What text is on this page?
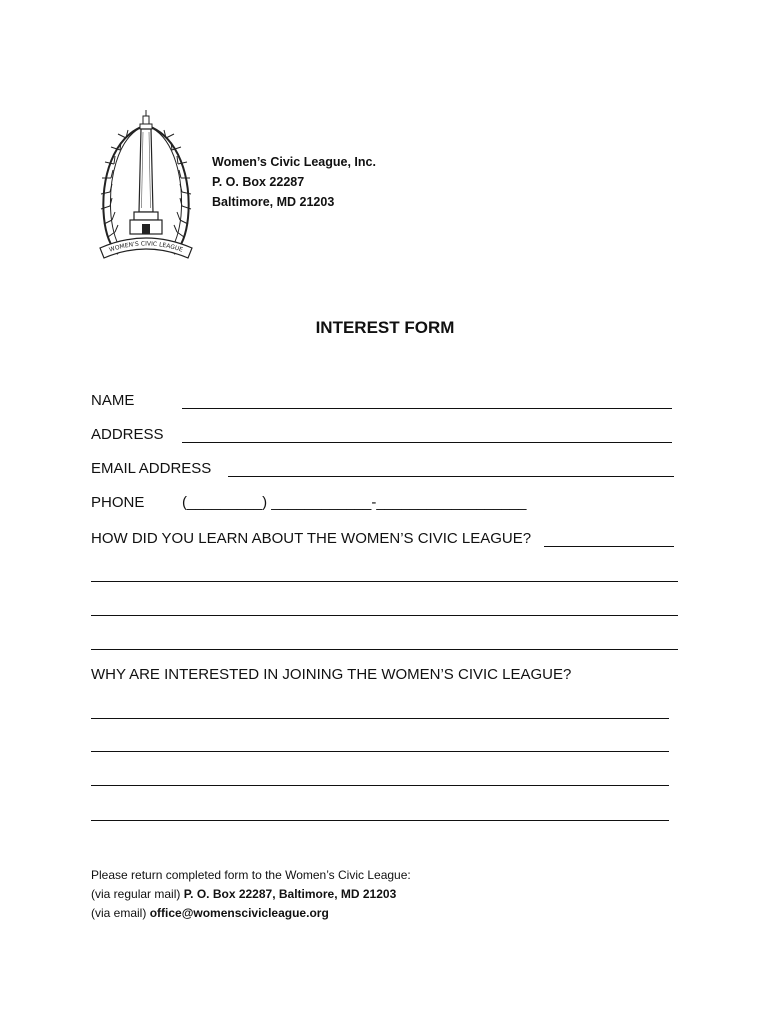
WOMEN’S CIVIC LEAGUE
Women’s Civic League, Inc.
P. O. Box 22287
Baltimore, MD 21203
INTEREST FORM
NAME
ADDRESS
EMAIL ADDRESS
PHONE	(_________) ____________-__________________
HOW DID YOU LEARN ABOUT THE WOMEN’S CIVIC LEAGUE?
WHY ARE INTERESTED IN JOINING THE WOMEN’S CIVIC LEAGUE?
Please return completed form to the Women’s Civic League:
(via regular mail) P. O. Box 22287, Baltimore, MD 21203
(via email) office@womenscivicleague.org
